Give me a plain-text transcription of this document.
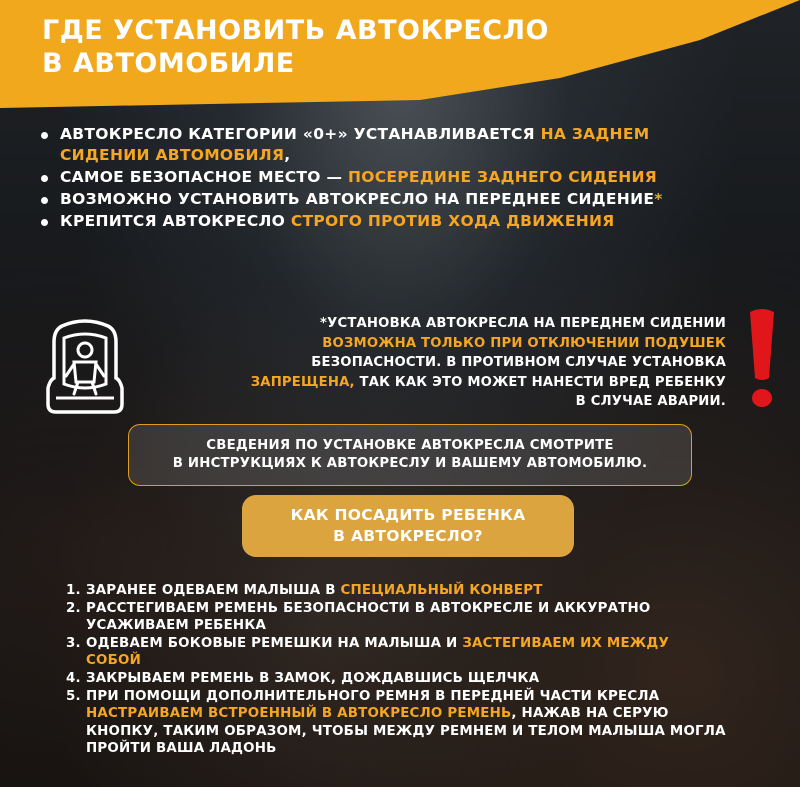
ГДЕ УСТАНОВИТЬ АВТОКРЕСЛО
В АВТОМОБИЛЕ
АВТОКРЕСЛО КАТЕГОРИИ «0+» УСТАНАВЛИВАЕТСЯ НА ЗАДНЕМ СИДЕНИИ АВТОМОБИЛЯ,
САМОЕ БЕЗОПАСНОЕ МЕСТО — ПОСЕРЕДИНЕ ЗАДНЕГО СИДЕНИЯ
ВОЗМОЖНО УСТАНОВИТЬ АВТОКРЕСЛО НА ПЕРЕДНЕЕ СИДЕНИЕ*
КРЕПИТСЯ АВТОКРЕСЛО СТРОГО ПРОТИВ ХОДА ДВИЖЕНИЯ
*УСТАНОВКА АВТОКРЕСЛА НА ПЕРЕДНЕМ СИДЕНИИ
ВОЗМОЖНА ТОЛЬКО ПРИ ОТКЛЮЧЕНИИ ПОДУШЕК
БЕЗОПАСНОСТИ. В ПРОТИВНОМ СЛУЧАЕ УСТАНОВКА
ЗАПРЕЩЕНА, ТАК КАК ЭТО МОЖЕТ НАНЕСТИ ВРЕД РЕБЕНКУ
В СЛУЧАЕ АВАРИИ.
СВЕДЕНИЯ ПО УСТАНОВКЕ АВТОКРЕСЛА СМОТРИТЕ
В ИНСТРУКЦИЯХ К АВТОКРЕСЛУ И ВАШЕМУ АВТОМОБИЛЮ.
КАК ПОСАДИТЬ РЕБЕНКА
В АВТОКРЕСЛО?
1. ЗАРАНЕЕ ОДЕВАЕМ МАЛЫША В СПЕЦИАЛЬНЫЙ КОНВЕРТ
2. РАССТЕГИВАЕМ РЕМЕНЬ БЕЗОПАСНОСТИ В АВТОКРЕСЛЕ И АККУРАТНО УСАЖИВАЕМ РЕБЕНКА
3. ОДЕВАЕМ БОКОВЫЕ РЕМЕШКИ НА МАЛЫША И ЗАСТЕГИВАЕМ ИХ МЕЖДУ СОБОЙ
4. ЗАКРЫВАЕМ РЕМЕНЬ В ЗАМОК, ДОЖДАВШИСЬ ЩЕЛЧКА
5. ПРИ ПОМОЩИ ДОПОЛНИТЕЛЬНОГО РЕМНЯ В ПЕРЕДНЕЙ ЧАСТИ КРЕСЛА НАСТРАИВАЕМ ВСТРОЕННЫЙ В АВТОКРЕСЛО РЕМЕНЬ, НАЖАВ НА СЕРУЮ КНОПКУ, ТАКИМ ОБРАЗОМ, ЧТОБЫ МЕЖДУ РЕМНЕМ И ТЕЛОМ МАЛЫША МОГЛА ПРОЙТИ ВАША ЛАДОНЬ
